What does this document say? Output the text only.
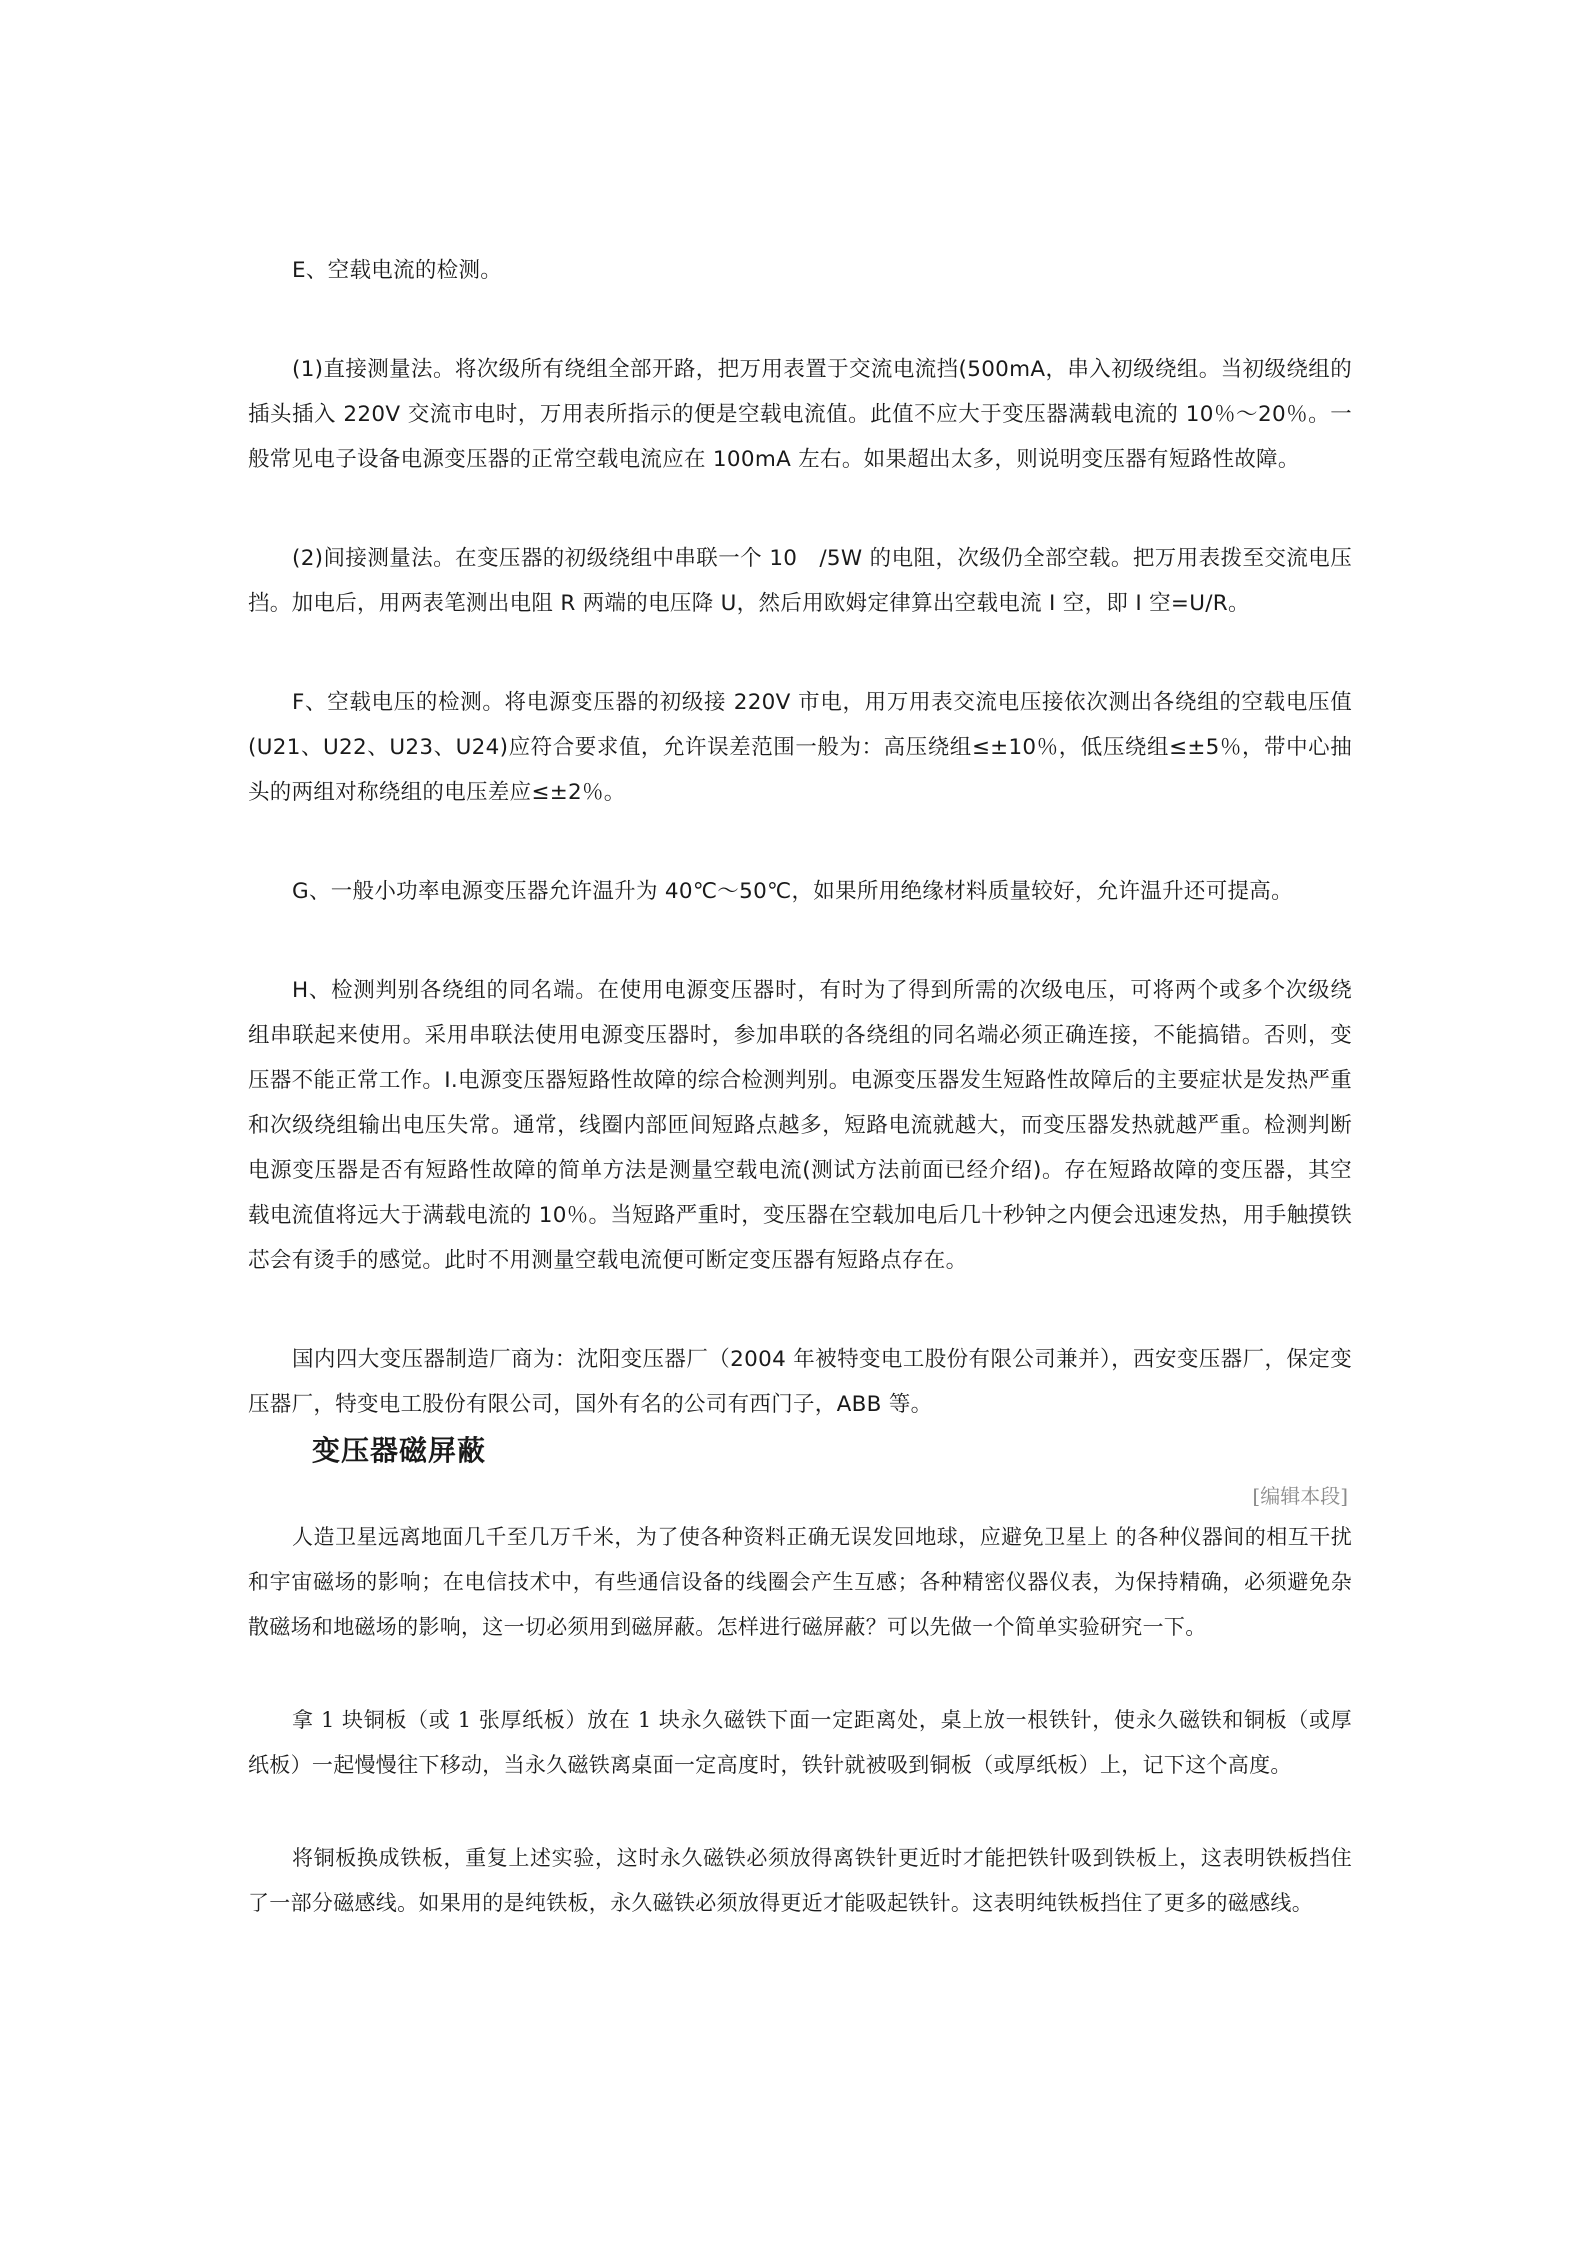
E、空载电流的检测。

(1)直接测量法。将次级所有绕组全部开路，把万用表置于交流电流挡(500mA，串入初级绕组。当初级绕组的插头插入 220V 交流市电时，万用表所指示的便是空载电流值。此值不应大于变压器满载电流的 10％～20％。一般常见电子设备电源变压器的正常空载电流应在 100mA 左右。如果超出太多，则说明变压器有短路性故障。

(2)间接测量法。在变压器的初级绕组中串联一个 10　/5W 的电阻，次级仍全部空载。把万用表拨至交流电压挡。加电后，用两表笔测出电阻 R 两端的电压降 U，然后用欧姆定律算出空载电流 I 空，即 I 空=U/R。

F、空载电压的检测。将电源变压器的初级接 220V 市电，用万用表交流电压接依次测出各绕组的空载电压值(U21、U22、U23、U24)应符合要求值，允许误差范围一般为：高压绕组≤±10％，低压绕组≤±5％，带中心抽头的两组对称绕组的电压差应≤±2％。

G、一般小功率电源变压器允许温升为 40℃～50℃，如果所用绝缘材料质量较好，允许温升还可提高。

H、检测判别各绕组的同名端。在使用电源变压器时，有时为了得到所需的次级电压，可将两个或多个次级绕组串联起来使用。采用串联法使用电源变压器时，参加串联的各绕组的同名端必须正确连接，不能搞错。否则，变压器不能正常工作。I.电源变压器短路性故障的综合检测判别。电源变压器发生短路性故障后的主要症状是发热严重和次级绕组输出电压失常。通常，线圈内部匝间短路点越多，短路电流就越大，而变压器发热就越严重。检测判断电源变压器是否有短路性故障的简单方法是测量空载电流(测试方法前面已经介绍)。存在短路故障的变压器，其空载电流值将远大于满载电流的 10％。当短路严重时，变压器在空载加电后几十秒钟之内便会迅速发热，用手触摸铁芯会有烫手的感觉。此时不用测量空载电流便可断定变压器有短路点存在。

国内四大变压器制造厂商为：沈阳变压器厂（2004 年被特变电工股份有限公司兼并），西安变压器厂，保定变压器厂，特变电工股份有限公司，国外有名的公司有西门子，ABB 等。

变压器磁屏蔽
[编辑本段]

人造卫星远离地面几千至几万千米，为了使各种资料正确无误发回地球，应避免卫星上 的各种仪器间的相互干扰和宇宙磁场的影响；在电信技术中，有些通信设备的线圈会产生互感；各种精密仪器仪表，为保持精确，必须避免杂散磁场和地磁场的影响，这一切必须用到磁屏蔽。怎样进行磁屏蔽？可以先做一个简单实验研究一下。

拿 1 块铜板（或 1 张厚纸板）放在 1 块永久磁铁下面一定距离处，桌上放一根铁针，使永久磁铁和铜板（或厚纸板）一起慢慢往下移动，当永久磁铁离桌面一定高度时，铁针就被吸到铜板（或厚纸板）上，记下这个高度。

将铜板换成铁板，重复上述实验，这时永久磁铁必须放得离铁针更近时才能把铁针吸到铁板上，这表明铁板挡住了一部分磁感线。如果用的是纯铁板，永久磁铁必须放得更近才能吸起铁针。这表明纯铁板挡住了更多的磁感线。
